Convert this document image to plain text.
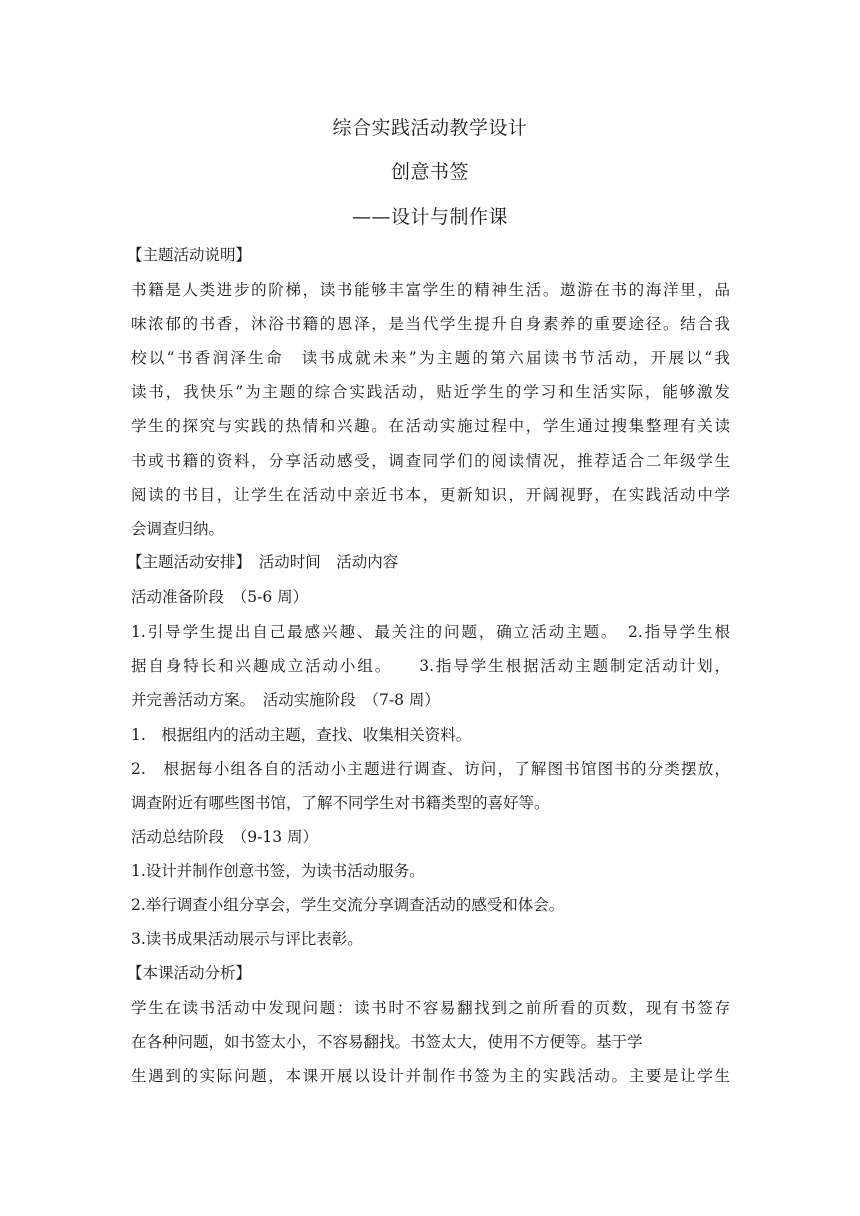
综合实践活动教学设计
创意书签
——设计与制作课
【主题活动说明】
书籍是人类进步的阶梯，读书能够丰富学生的精神生活。遨游在书的海洋里，品
味浓郁的书香，沐浴书籍的恩泽，是当代学生提升自身素养的重要途径。结合我
校以“书香润泽生命　读书成就未来”为主题的第六届读书节活动，开展以“我
读书，我快乐”为主题的综合实践活动，贴近学生的学习和生活实际，能够激发
学生的探究与实践的热情和兴趣。在活动实施过程中，学生通过搜集整理有关读
书或书籍的资料，分享活动感受，调查同学们的阅读情况，推荐适合二年级学生
阅读的书目，让学生在活动中亲近书本，更新知识，开阔视野，在实践活动中学
会调查归纳。
【主题活动安排】　活动时间　活动内容
活动准备阶段　（5-6 周）
1.引导学生提出自己最感兴趣、最关注的问题，确立活动主题。　2.指导学生根
据自身特长和兴趣成立活动小组。　　3.指导学生根据活动主题制定活动计划，
并完善活动方案。　活动实施阶段　（7-8 周）
1.　根据组内的活动主题，查找、收集相关资料。
2.　根据每小组各自的活动小主题进行调查、访问，了解图书馆图书的分类摆放，
调查附近有哪些图书馆，了解不同学生对书籍类型的喜好等。
活动总结阶段　（9-13 周）
1.设计并制作创意书签，为读书活动服务。
2.举行调查小组分享会，学生交流分享调查活动的感受和体会。
3.读书成果活动展示与评比表彰。
【本课活动分析】
学生在读书活动中发现问题：读书时不容易翻找到之前所看的页数，现有书签存
在各种问题，如书签太小，不容易翻找。书签太大，使用不方便等。基于学
生遇到的实际问题，本课开展以设计并制作书签为主的实践活动。主要是让学生
